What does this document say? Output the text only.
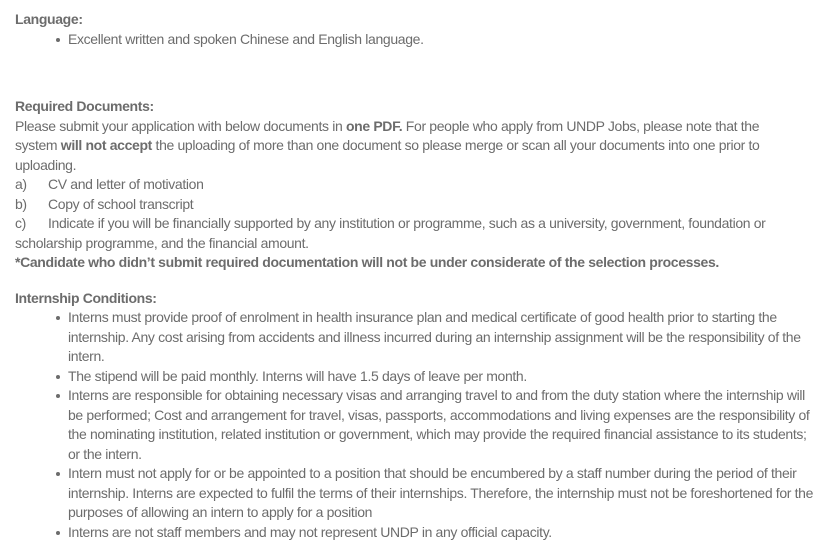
Language:

Excellent written and spoken Chinese and English language.

Required Documents:

Please submit your application with below documents in one PDF. For people who apply from UNDP Jobs, please note that the system will not accept the uploading of more than one document so please merge or scan all your documents into one prior to uploading.

a) CV and letter of motivation

b) Copy of school transcript

c) Indicate if you will be financially supported by any institution or programme, such as a university, government, foundation or scholarship programme, and the financial amount.

*Candidate who didn’t submit required documentation will not be under considerate of the selection processes.

Internship Conditions:

Interns must provide proof of enrolment in health insurance plan and medical certificate of good health prior to starting the internship. Any cost arising from accidents and illness incurred during an internship assignment will be the responsibility of the intern.
The stipend will be paid monthly. Interns will have 1.5 days of leave per month.
Interns are responsible for obtaining necessary visas and arranging travel to and from the duty station where the internship will be performed; Cost and arrangement for travel, visas, passports, accommodations and living expenses are the responsibility of the nominating institution, related institution or government, which may provide the required financial assistance to its students; or the intern.
Intern must not apply for or be appointed to a position that should be encumbered by a staff number during the period of their internship. Interns are expected to fulfil the terms of their internships. Therefore, the internship must not be foreshortened for the purposes of allowing an intern to apply for a position
Interns are not staff members and may not represent UNDP in any official capacity.
